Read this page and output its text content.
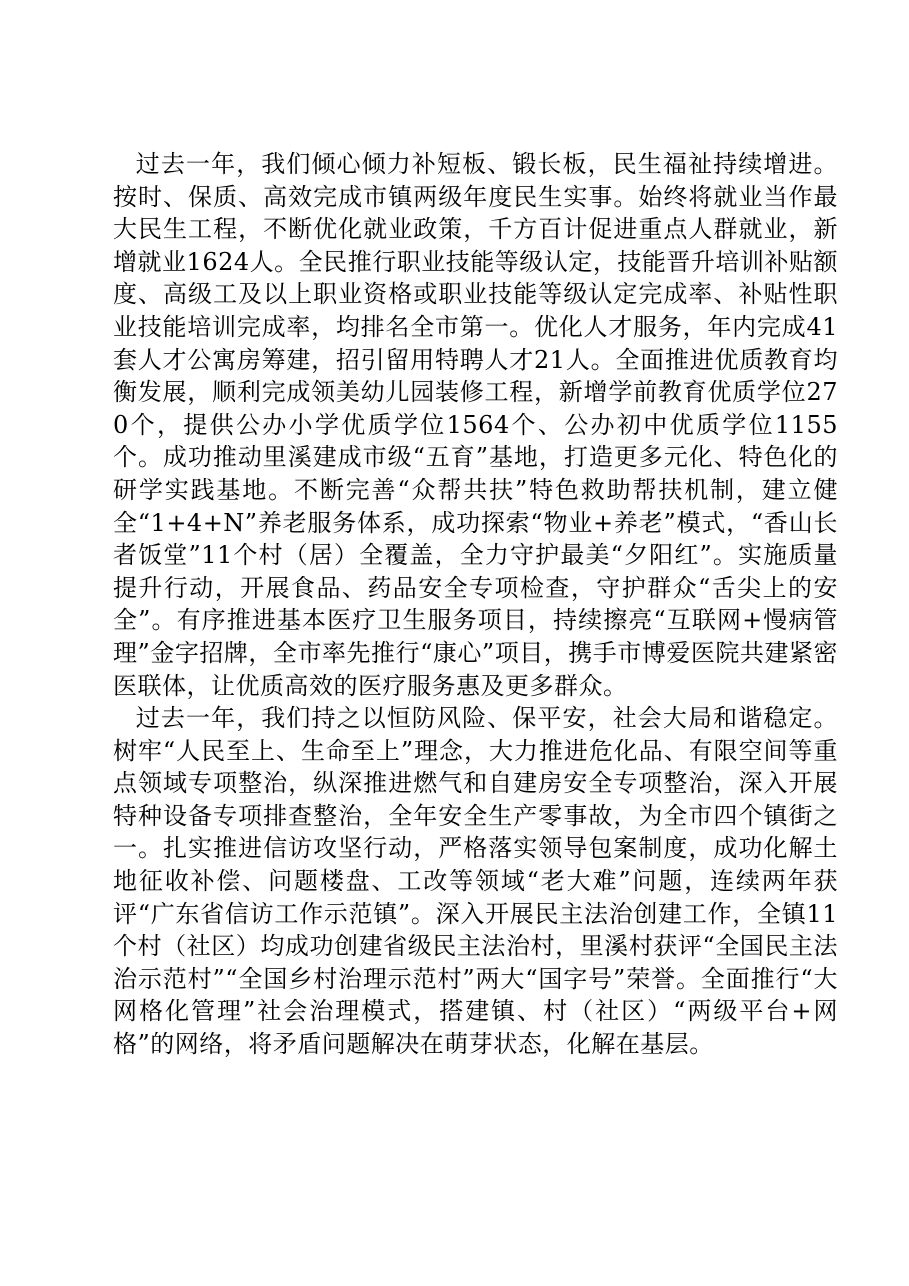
过去一年，我们倾心倾力补短板、锻长板，民生福祉持续增进。按时、保质、高效完成市镇两级年度民生实事。始终将就业当作最大民生工程，不断优化就业政策，千方百计促进重点人群就业，新增就业1624人。全民推行职业技能等级认定，技能晋升培训补贴额度、高级工及以上职业资格或职业技能等级认定完成率、补贴性职业技能培训完成率，均排名全市第一。优化人才服务，年内完成41套人才公寓房筹建，招引留用特聘人才21人。全面推进优质教育均衡发展，顺利完成领美幼儿园装修工程，新增学前教育优质学位270个，提供公办小学优质学位1564个、公办初中优质学位1155个。成功推动里溪建成市级“五育”基地，打造更多元化、特色化的研学实践基地。不断完善“众帮共扶”特色救助帮扶机制，建立健全“1+4+N”养老服务体系，成功探索“物业+养老”模式，“香山长者饭堂”11个村（居）全覆盖，全力守护最美“夕阳红”。实施质量提升行动，开展食品、药品安全专项检查，守护群众“舌尖上的安全”。有序推进基本医疗卫生服务项目，持续擦亮“互联网+慢病管理”金字招牌，全市率先推行“康心”项目，携手市博爱医院共建紧密医联体，让优质高效的医疗服务惠及更多群众。

过去一年，我们持之以恒防风险、保平安，社会大局和谐稳定。树牢“人民至上、生命至上”理念，大力推进危化品、有限空间等重点领域专项整治，纵深推进燃气和自建房安全专项整治，深入开展特种设备专项排查整治，全年安全生产零事故，为全市四个镇街之一。扎实推进信访攻坚行动，严格落实领导包案制度，成功化解土地征收补偿、问题楼盘、工改等领域“老大难”问题，连续两年获评“广东省信访工作示范镇”。深入开展民主法治创建工作，全镇11个村（社区）均成功创建省级民主法治村，里溪村获评“全国民主法治示范村”“全国乡村治理示范村”两大“国字号”荣誉。全面推行“大网格化管理”社会治理模式，搭建镇、村（社区）“两级平台+网格”的网络，将矛盾问题解决在萌芽状态，化解在基层。
